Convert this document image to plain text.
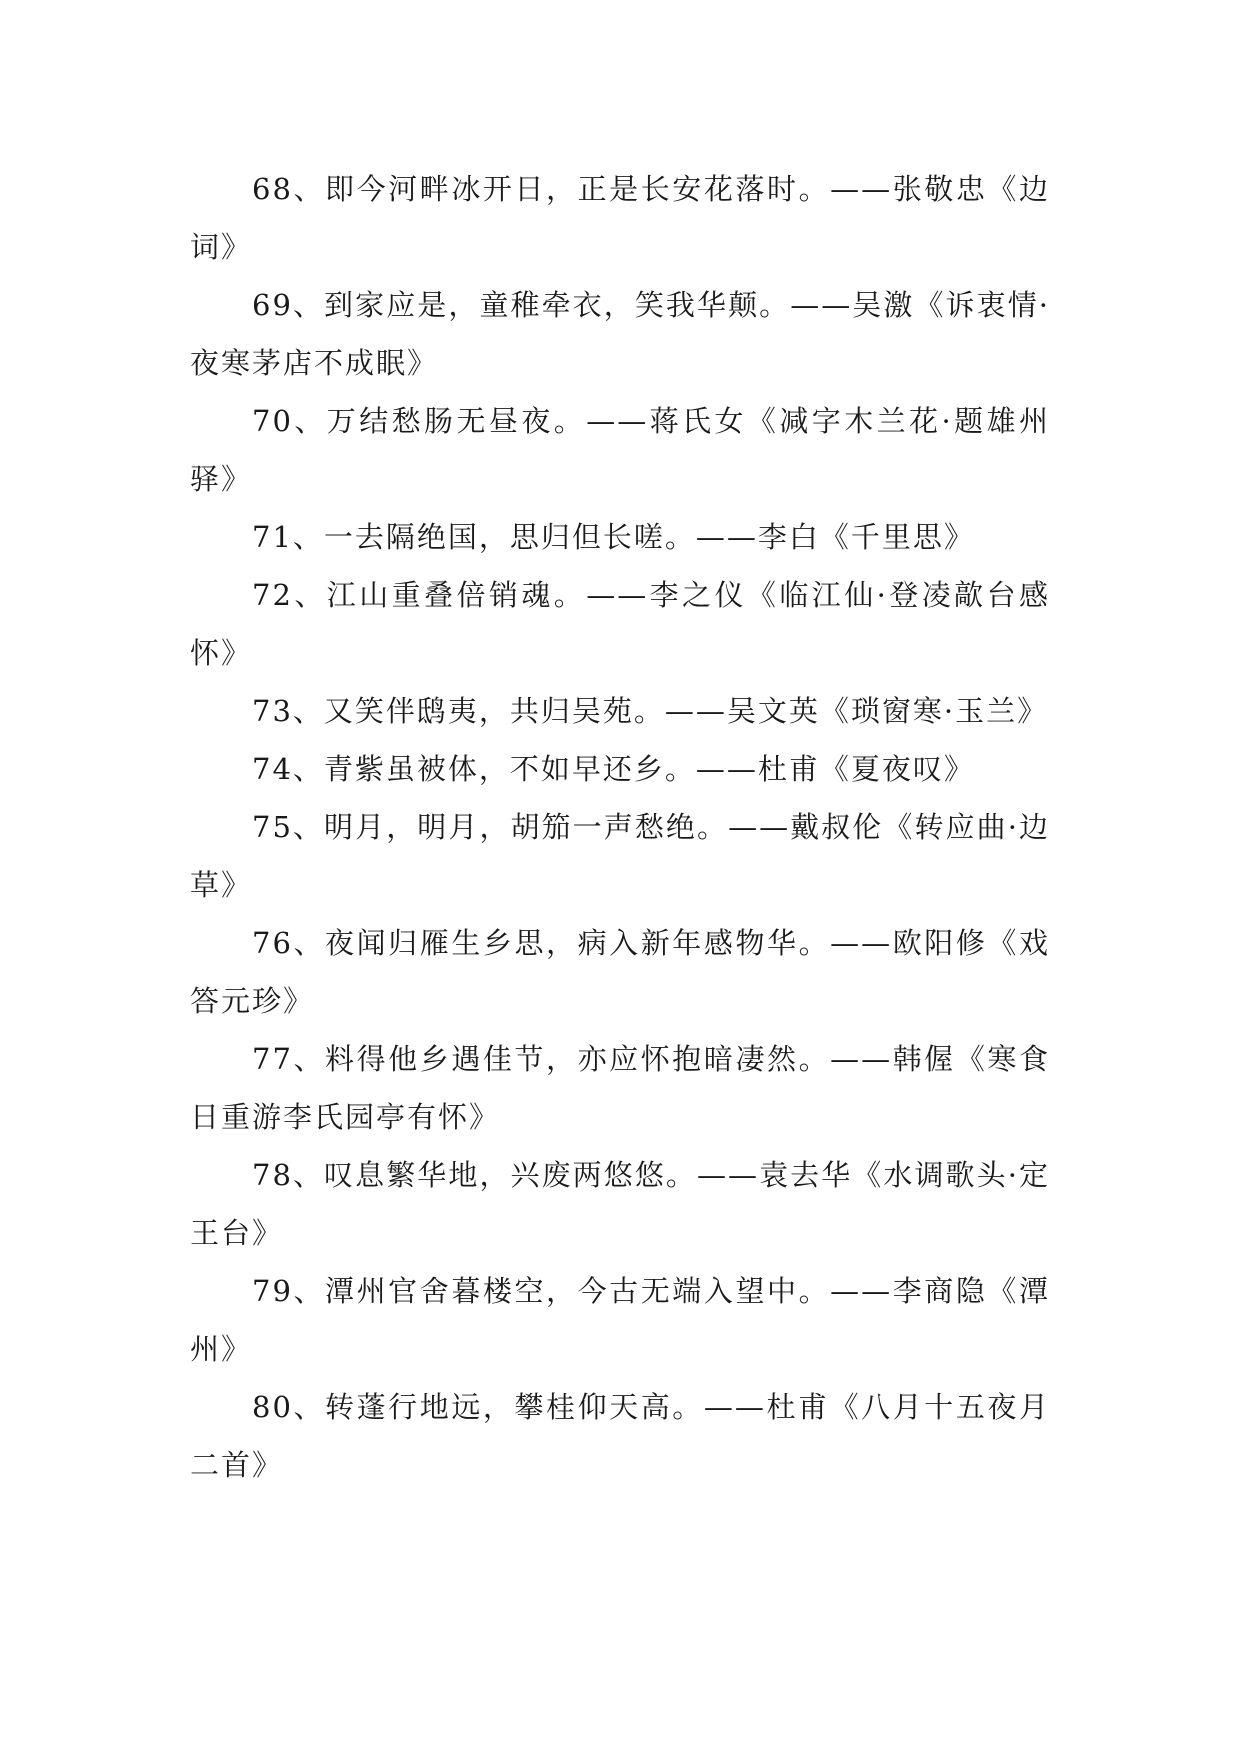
68、即今河畔冰开日，正是长安花落时。——张敬忠《边词》

69、到家应是，童稚牵衣，笑我华颠。——吴激《诉衷情·夜寒茅店不成眠》

70、万结愁肠无昼夜。——蒋氏女《减字木兰花·题雄州驿》

71、一去隔绝国，思归但长嗟。——李白《千里思》

72、江山重叠倍销魂。——李之仪《临江仙·登凌歊台感怀》

73、又笑伴鸱夷，共归吴苑。——吴文英《琐窗寒·玉兰》

74、青紫虽被体，不如早还乡。——杜甫《夏夜叹》

75、明月，明月，胡笳一声愁绝。——戴叔伦《转应曲·边草》

76、夜闻归雁生乡思，病入新年感物华。——欧阳修《戏答元珍》

77、料得他乡遇佳节，亦应怀抱暗凄然。——韩偓《寒食日重游李氏园亭有怀》

78、叹息繁华地，兴废两悠悠。——袁去华《水调歌头·定王台》

79、潭州官舍暮楼空，今古无端入望中。——李商隐《潭州》

80、转蓬行地远，攀桂仰天高。——杜甫《八月十五夜月二首》
